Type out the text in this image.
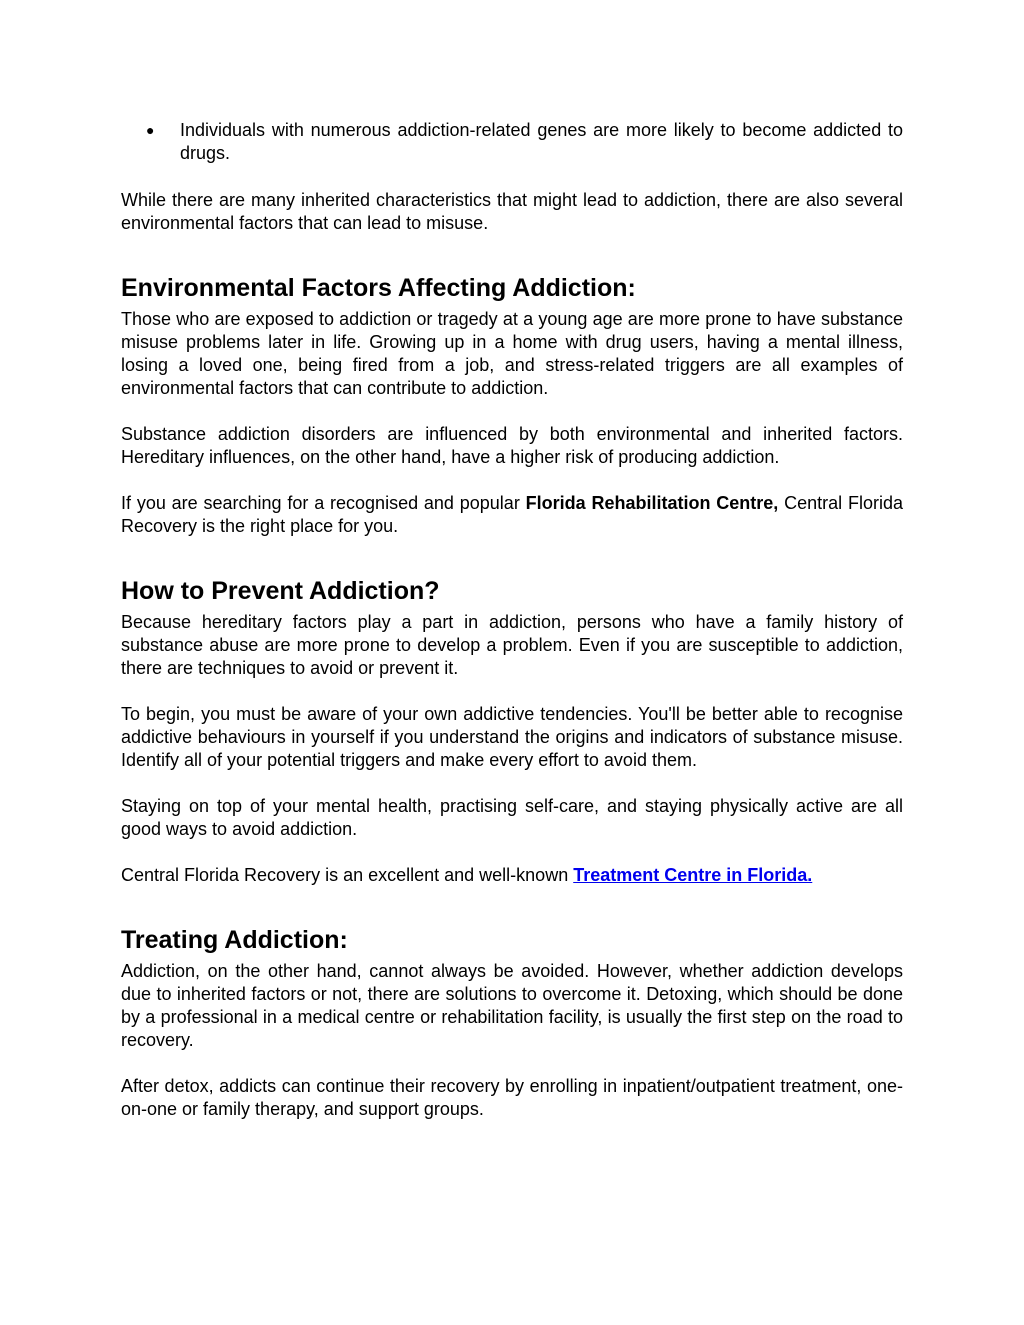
● Individuals with numerous addiction-related genes are more likely to become addicted to drugs.

While there are many inherited characteristics that might lead to addiction, there are also several environmental factors that can lead to misuse.

Environmental Factors Affecting Addiction:

Those who are exposed to addiction or tragedy at a young age are more prone to have substance misuse problems later in life. Growing up in a home with drug users, having a mental illness, losing a loved one, being fired from a job, and stress-related triggers are all examples of environmental factors that can contribute to addiction.

Substance addiction disorders are influenced by both environmental and inherited factors. Hereditary influences, on the other hand, have a higher risk of producing addiction.

If you are searching for a recognised and popular Florida Rehabilitation Centre, Central Florida Recovery is the right place for you.

How to Prevent Addiction?

Because hereditary factors play a part in addiction, persons who have a family history of substance abuse are more prone to develop a problem. Even if you are susceptible to addiction, there are techniques to avoid or prevent it.

To begin, you must be aware of your own addictive tendencies. You'll be better able to recognise addictive behaviours in yourself if you understand the origins and indicators of substance misuse. Identify all of your potential triggers and make every effort to avoid them.

Staying on top of your mental health, practising self-care, and staying physically active are all good ways to avoid addiction.

Central Florida Recovery is an excellent and well-known Treatment Centre in Florida.

Treating Addiction:

Addiction, on the other hand, cannot always be avoided. However, whether addiction develops due to inherited factors or not, there are solutions to overcome it. Detoxing, which should be done by a professional in a medical centre or rehabilitation facility, is usually the first step on the road to recovery.

After detox, addicts can continue their recovery by enrolling in inpatient/outpatient treatment, one-on-one or family therapy, and support groups.
